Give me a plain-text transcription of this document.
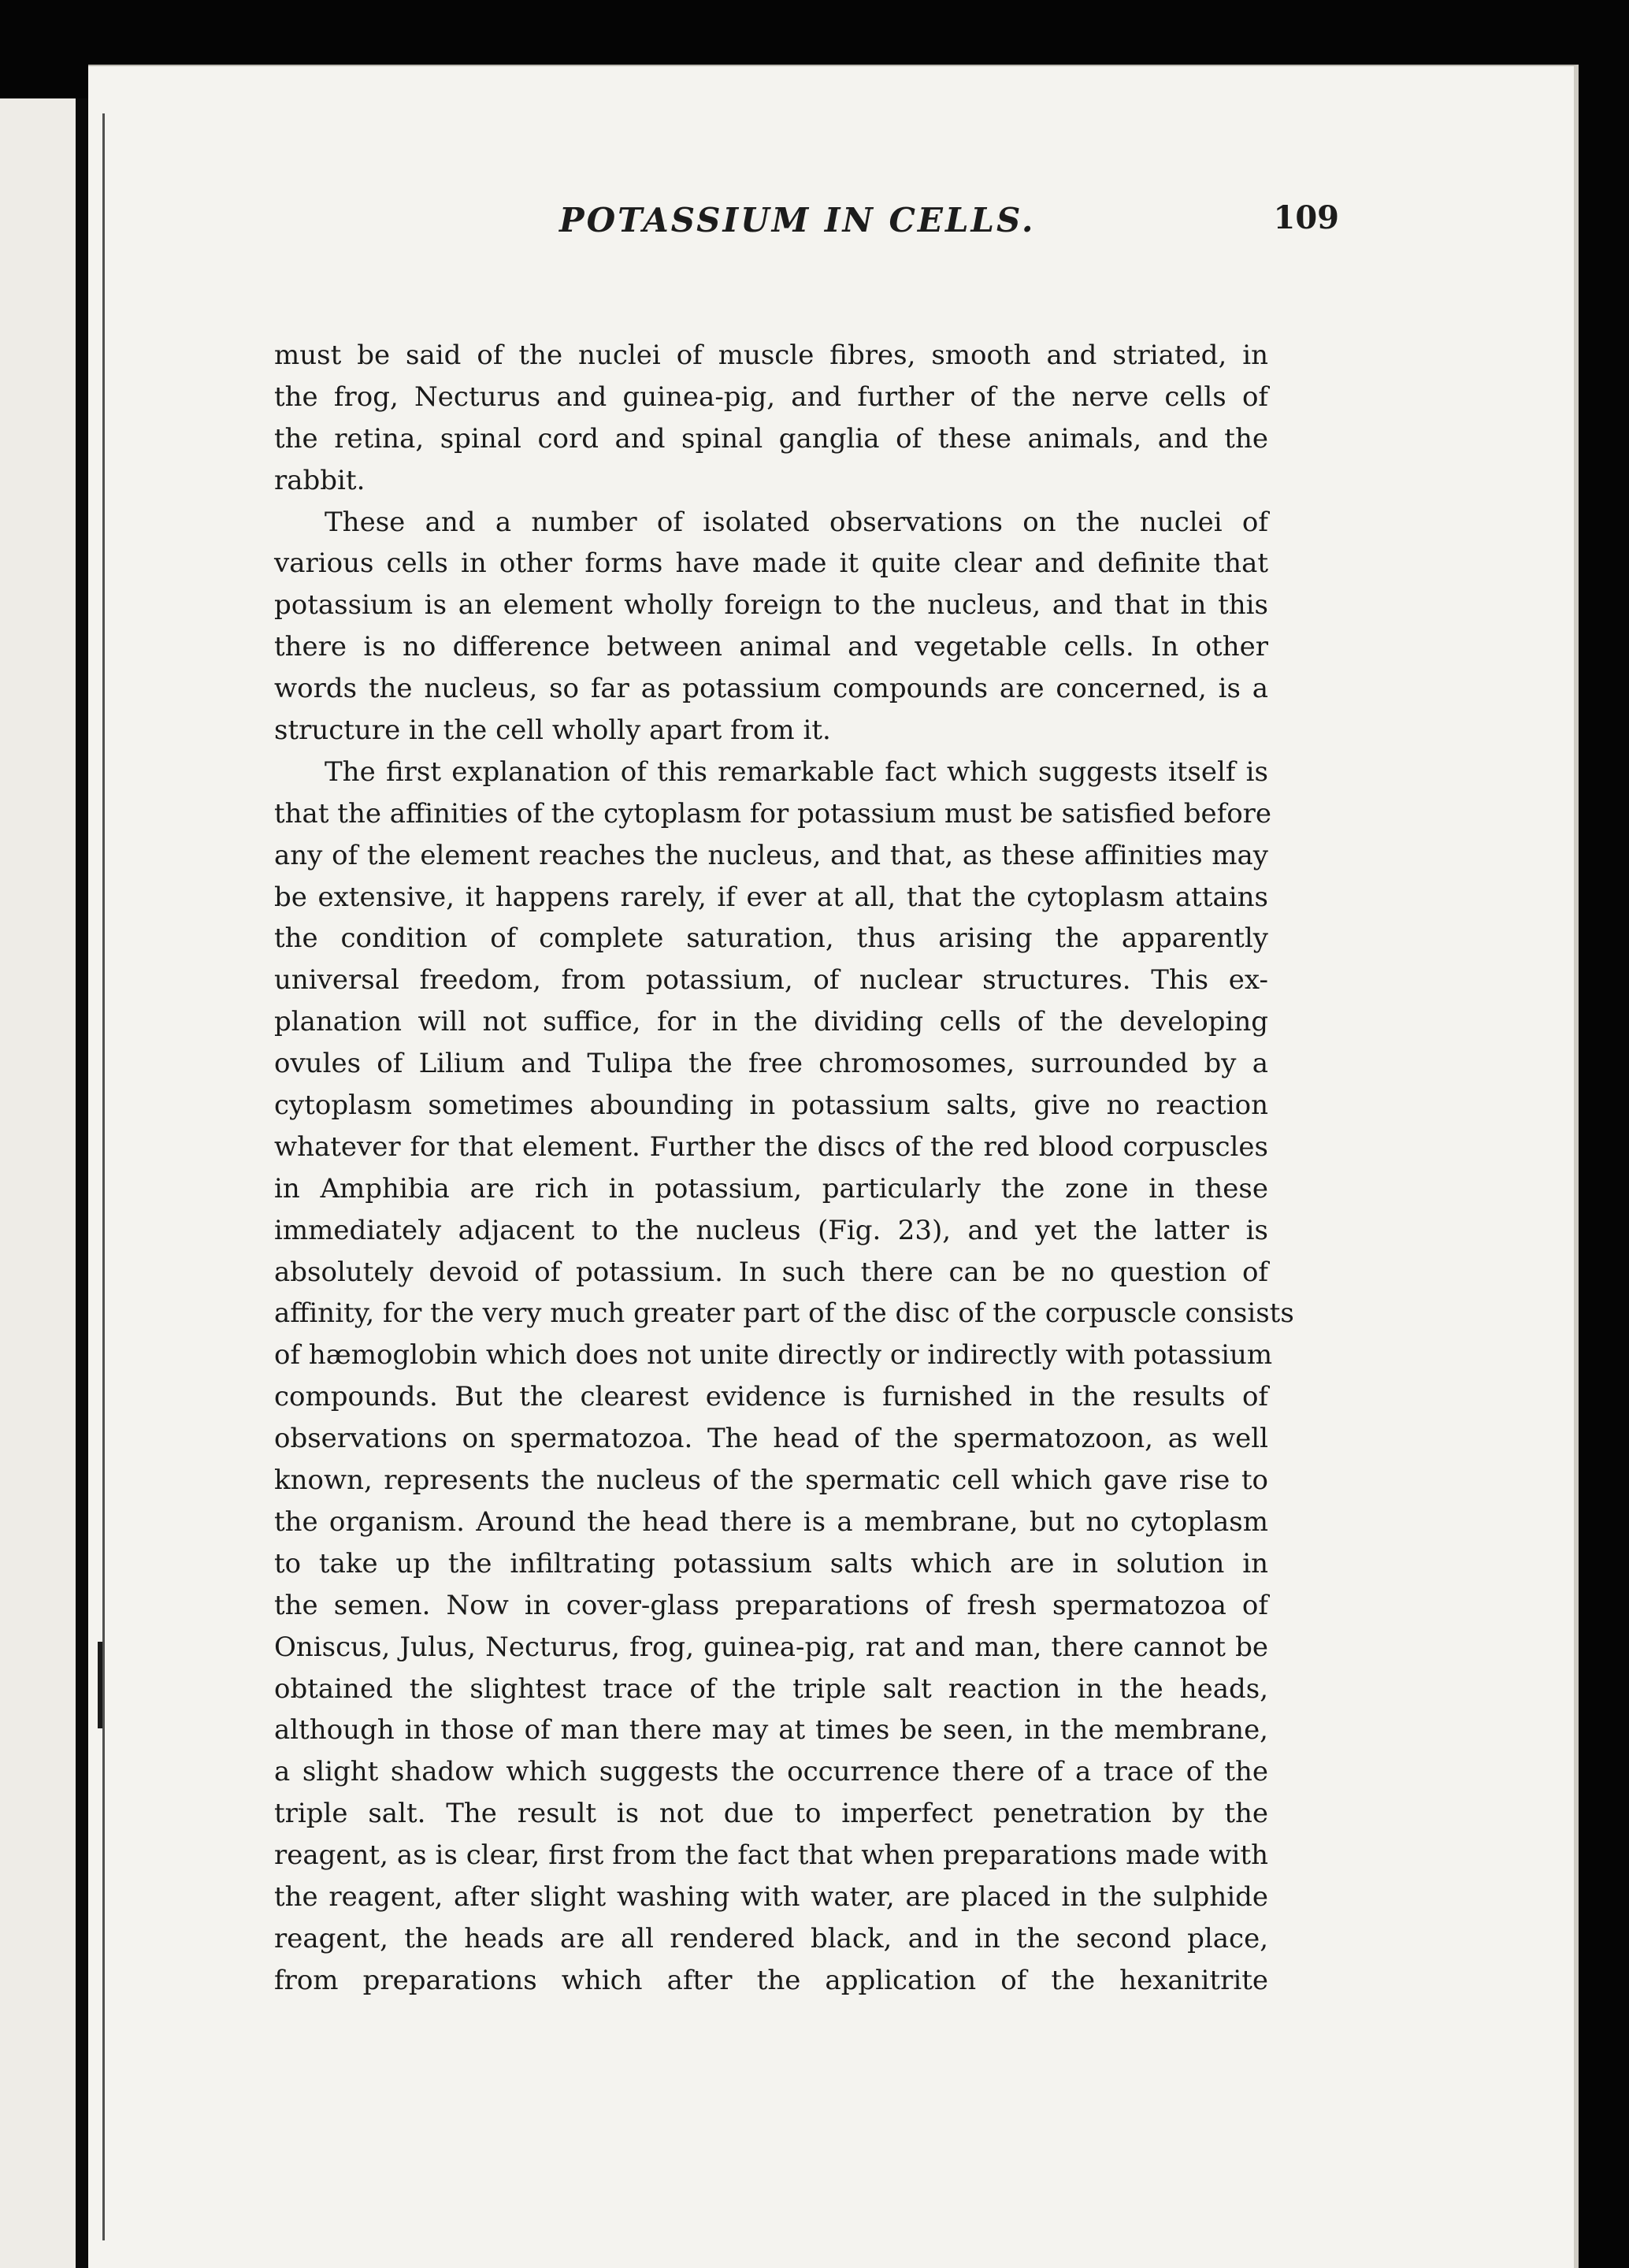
POTASSIUM IN CELLS.	109
must be said of the nuclei of muscle fibres, smooth and striated, in
the frog, Necturus and guinea-pig, and further of the nerve cells of
the retina, spinal cord and spinal ganglia of these animals, and the
rabbit.
These and a number of isolated observations on the nuclei of
various cells in other forms have made it quite clear and definite that
potassium is an element wholly foreign to the nucleus, and that in this
there is no difference between animal and vegetable cells. In other
words the nucleus, so far as potassium compounds are concerned, is a
structure in the cell wholly apart from it.
The first explanation of this remarkable fact which suggests itself is
that the affinities of the cytoplasm for potassium must be satisfied before
any of the element reaches the nucleus, and that, as these affinities may
be extensive, it happens rarely, if ever at all, that the cytoplasm attains
the condition of complete saturation, thus arising the apparently
universal freedom, from potassium, of nuclear structures. This ex-
planation will not suffice, for in the dividing cells of the developing
ovules of Lilium and Tulipa the free chromosomes, surrounded by a
cytoplasm sometimes abounding in potassium salts, give no reaction
whatever for that element. Further the discs of the red blood corpuscles
in Amphibia are rich in potassium, particularly the zone in these
immediately adjacent to the nucleus (Fig. 23), and yet the latter is
absolutely devoid of potassium. In such there can be no question of
affinity, for the very much greater part of the disc of the corpuscle consists
of hæmoglobin which does not unite directly or indirectly with potassium
compounds. But the clearest evidence is furnished in the results of
observations on spermatozoa. The head of the spermatozoon, as well
known, represents the nucleus of the spermatic cell which gave rise to
the organism. Around the head there is a membrane, but no cytoplasm
to take up the infiltrating potassium salts which are in solution in
the semen. Now in cover-glass preparations of fresh spermatozoa of
Oniscus, Julus, Necturus, frog, guinea-pig, rat and man, there cannot be
obtained the slightest trace of the triple salt reaction in the heads,
although in those of man there may at times be seen, in the membrane,
a slight shadow which suggests the occurrence there of a trace of the
triple salt. The result is not due to imperfect penetration by the
reagent, as is clear, first from the fact that when preparations made with
the reagent, after slight washing with water, are placed in the sulphide
reagent, the heads are all rendered black, and in the second place,
from preparations which after the application of the hexanitrite
